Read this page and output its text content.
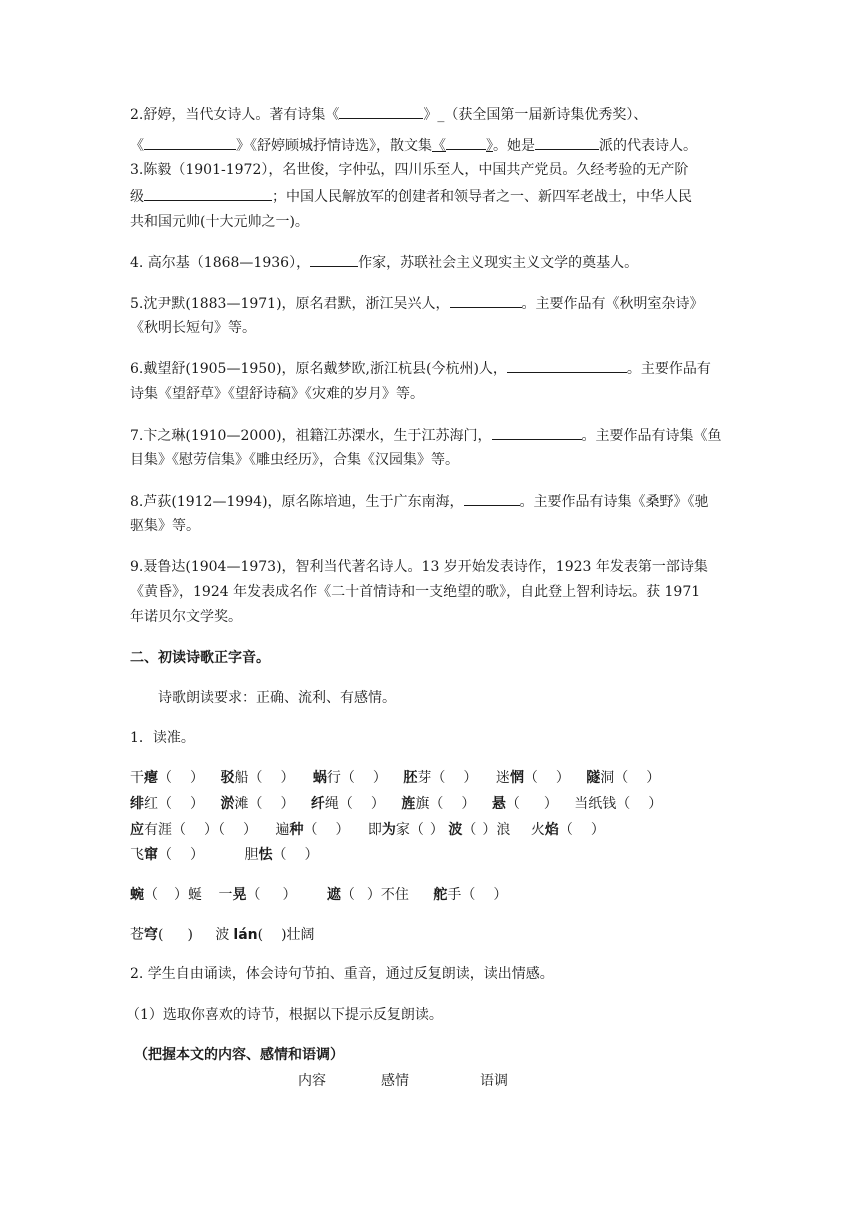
2.舒婷，当代女诗人。著有诗集《	》_（获全国第一届新诗集优秀奖）、
《	》《舒婷顾城抒情诗选》，散文集《	》。她是	派的代表诗人。
3.陈毅（1901-1972），名世俊，字仲弘，四川乐至人，中国共产党员。久经考验的无产阶
级	；中国人民解放军的创建者和领导者之一、新四军老战士，中华人民
共和国元帅(十大元帅之一)。
4. 高尔基（1868—1936），	作家，苏联社会主义现实主义文学的奠基人。
5.沈尹默(1883—1971)，原名君默，浙江吴兴人，	。主要作品有《秋明室杂诗》
《秋明长短句》等。
6.戴望舒(1905—1950)，原名戴梦欧,浙江杭县(今杭州)人，	。主要作品有
诗集《望舒草》《望舒诗稿》《灾难的岁月》等。
7.卞之琳(1910—2000)，祖籍江苏溧水，生于江苏海门，	。主要作品有诗集《鱼
目集》《慰劳信集》《雕虫经历》，合集《汉园集》等。
8.芦荻(1912—1994)，原名陈培迪，生于广东南海，	。主要作品有诗集《桑野》《驰
驱集》等。
9.聂鲁达(1904—1973)，智利当代著名诗人。13 岁开始发表诗作，1923 年发表第一部诗集
《黄昏》，1924 年发表成名作《二十首情诗和一支绝望的歌》，自此登上智利诗坛。获 1971
年诺贝尔文学奖。
二、初读诗歌正字音。
诗歌朗读要求：正确、流利、有感情。
1．读准。
干瘪（ ） 驳船（ ） 蜗行（ ） 胚芽（ ） 迷惘（ ） 隧洞（ ）
绯红（ ） 淤滩（ ） 纤绳（ ） 旌旗（ ） 悬（ ） 当纸钱（ ）
应有涯（ ）（ ） 遍种（ ） 即为家（ ） 波（ ）浪 火焰（ ）
飞窜（ ）	胆怯（ ）
蜿（ ）蜒 一晃（ ） 遮（ ）不住 舵手（ ）
苍穹( ) 波 lán( )壮阔
2. 学生自由诵读，体会诗句节拍、重音，通过反复朗读，读出情感。
（1）选取你喜欢的诗节，根据以下提示反复朗读。
（把握本文的内容、感情和语调）
内容	感情	语调
